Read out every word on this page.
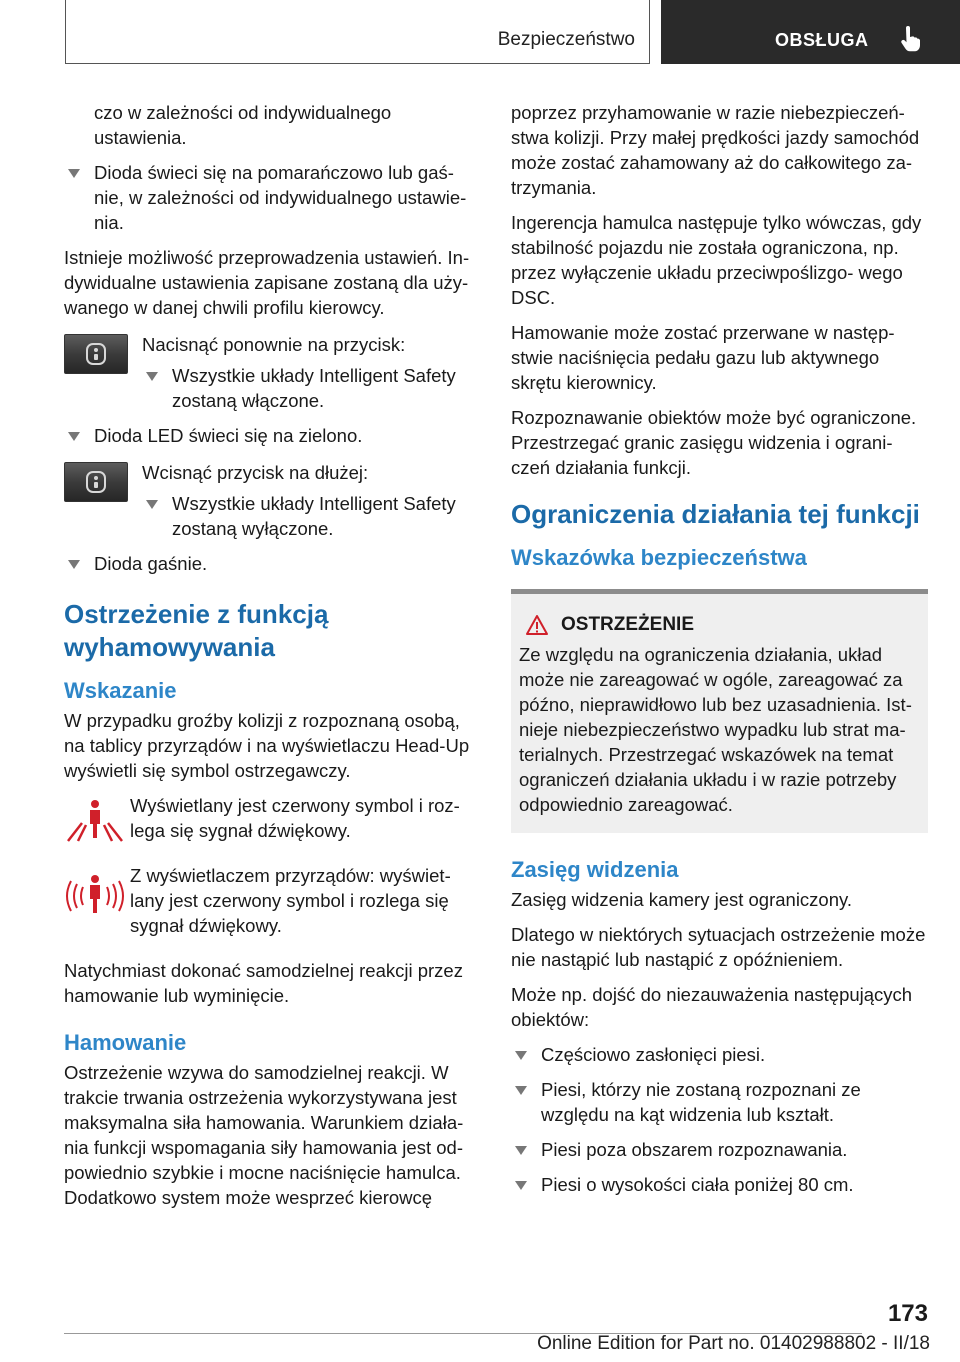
Bezpieczeństwo	OBSŁUGA

czo w zależności od indywidualnego ustawienia.

Dioda świeci się na pomarańczowo lub gaś- nie, w zależności od indywidualnego ustawie- nia.

Istnieje możliwość przeprowadzenia ustawień. In- dywidualne ustawienia zapisane zostaną dla uży- wanego w danej chwili profilu kierowcy.

Nacisnąć ponownie na przycisk:

Wszystkie układy Intelligent Safety zostaną włączone.
Dioda LED świeci się na zielono.

Wcisnąć przycisk na dłużej:

Wszystkie układy Intelligent Safety zostaną wyłączone.
Dioda gaśnie.
Ostrzeżenie z funkcją wyhamowywania
Wskazanie

W przypadku groźby kolizji z rozpoznaną osobą, na tablicy przyrządów i na wyświetlaczu Head-Up wyświetli się symbol ostrzegawczy.

Wyświetlany jest czerwony symbol i roz- lega się sygnał dźwiękowy.

Z wyświetlaczem przyrządów: wyświet- lany jest czerwony symbol i rozlega się sygnał dźwiękowy.

Natychmiast dokonać samodzielnej reakcji przez hamowanie lub wyminięcie.

Hamowanie

Ostrzeżenie wzywa do samodzielnej reakcji. W trakcie trwania ostrzeżenia wykorzystywana jest maksymalna siła hamowania. Warunkiem działa- nia funkcji wspomagania siły hamowania jest od- powiednio szybkie i mocne naciśnięcie hamulca. Dodatkowo system może wesprzeć kierowcę

poprzez przyhamowanie w razie niebezpieczeń- stwa kolizji. Przy małej prędkości jazdy samochód może zostać zahamowany aż do całkowitego za- trzymania.

Ingerencja hamulca następuje tylko wówczas, gdy stabilność pojazdu nie została ograniczona, np. przez wyłączenie układu przeciwpoślizgo- wego DSC.

Hamowanie może zostać przerwane w następ- stwie naciśnięcia pedału gazu lub aktywnego skrętu kierownicy.

Rozpoznawanie obiektów może być ograniczone. Przestrzegać granic zasięgu widzenia i ograni- czeń działania funkcji.

Ograniczenia działania tej funkcji
Wskazówka bezpieczeństwa
OSTRZEŻENIE

Ze względu na ograniczenia działania, układ może nie zareagować w ogóle, zareagować za późno, nieprawidłowo lub bez uzasadnienia. Ist- nieje niebezpieczeństwo wypadku lub strat ma- terialnych. Przestrzegać wskazówek na temat ograniczeń działania układu i w razie potrzeby odpowiednio zareagować.

Zasięg widzenia

Zasięg widzenia kamery jest ograniczony.

Dlatego w niektórych sytuacjach ostrzeżenie może nie nastąpić lub nastąpić z opóźnieniem.

Może np. dojść do niezauważenia następujących obiektów:

Częściowo zasłonięci piesi.
Piesi, którzy nie zostaną rozpoznani ze względu na kąt widzenia lub kształt.
Piesi poza obszarem rozpoznawania.
Piesi o wysokości ciała poniżej 80 cm.
173
Online Edition for Part no. 01402988802 - II/18
